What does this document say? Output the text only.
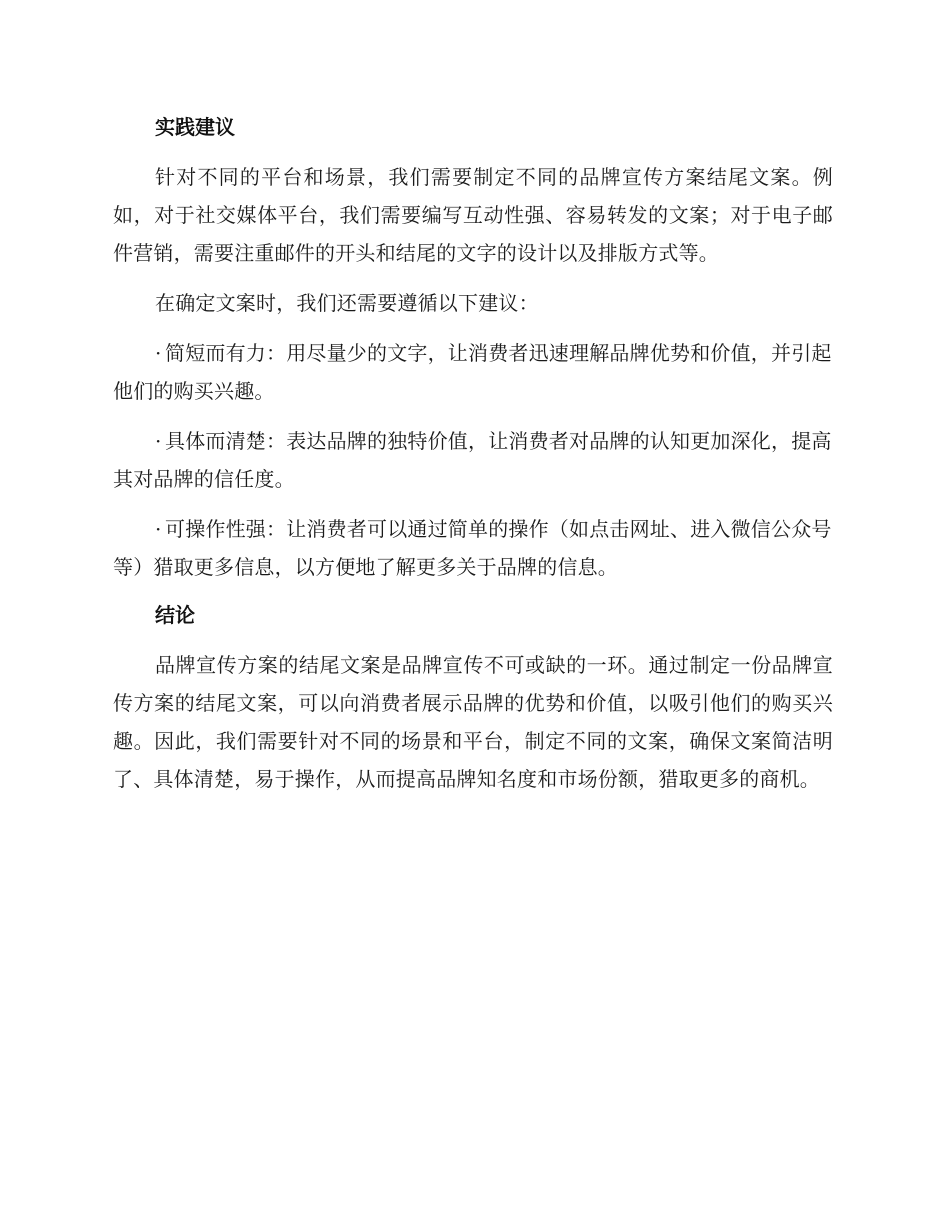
实践建议

针对不同的平台和场景，我们需要制定不同的品牌宣传方案结尾文案。例如，对于社交媒体平台，我们需要编写互动性强、容易转发的文案；对于电子邮件营销，需要注重邮件的开头和结尾的文字的设计以及排版方式等。

在确定文案时，我们还需要遵循以下建议：

· 简短而有力：用尽量少的文字，让消费者迅速理解品牌优势和价值，并引起他们的购买兴趣。

· 具体而清楚：表达品牌的独特价值，让消费者对品牌的认知更加深化，提高其对品牌的信任度。

· 可操作性强：让消费者可以通过简单的操作（如点击网址、进入微信公众号等）猎取更多信息，以方便地了解更多关于品牌的信息。

结论

品牌宣传方案的结尾文案是品牌宣传不可或缺的一环。通过制定一份品牌宣传方案的结尾文案，可以向消费者展示品牌的优势和价值，以吸引他们的购买兴趣。因此，我们需要针对不同的场景和平台，制定不同的文案，确保文案简洁明了、具体清楚，易于操作，从而提高品牌知名度和市场份额，猎取更多的商机。
